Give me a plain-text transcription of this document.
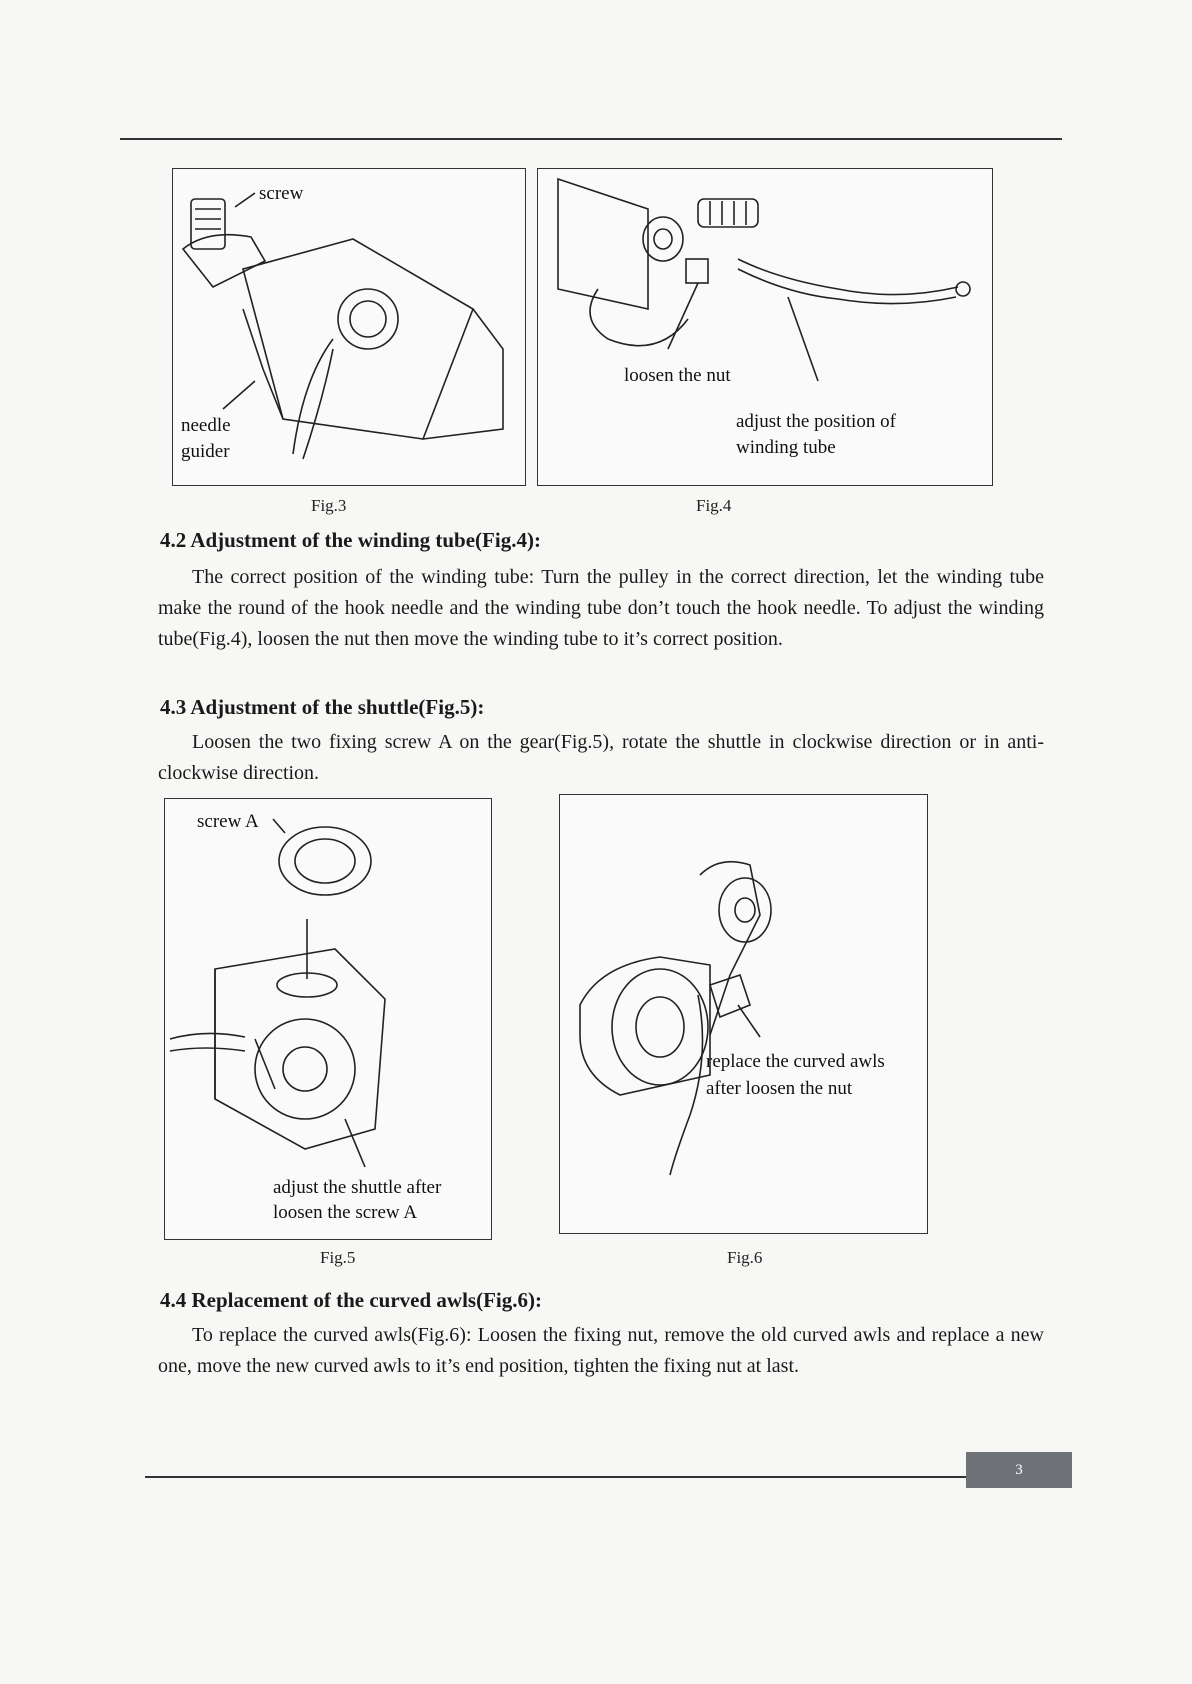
screw
needle
guider
Fig.3
loosen the nut
adjust the position of
winding tube
Fig.4
4.2 Adjustment of the winding tube(Fig.4):

The correct position of the winding tube: Turn the pulley in the correct direction, let the winding tube make the round of the hook needle and the winding tube don’t touch the hook needle. To adjust the winding tube(Fig.4), loosen the nut then move the winding tube to it’s correct position.

4.3 Adjustment of the shuttle(Fig.5):

Loosen the two fixing screw A on the gear(Fig.5), rotate the shuttle in clockwise direction or in anti-clockwise direction.

screw A
adjust the shuttle after
loosen the screw A
Fig.5
replace the curved awls
after loosen the nut
Fig.6
4.4 Replacement of the curved awls(Fig.6):

To replace the curved awls(Fig.6): Loosen the fixing nut, remove the old curved awls and replace a new one, move the new curved awls to it’s end position, tighten the fixing nut at last.

3
